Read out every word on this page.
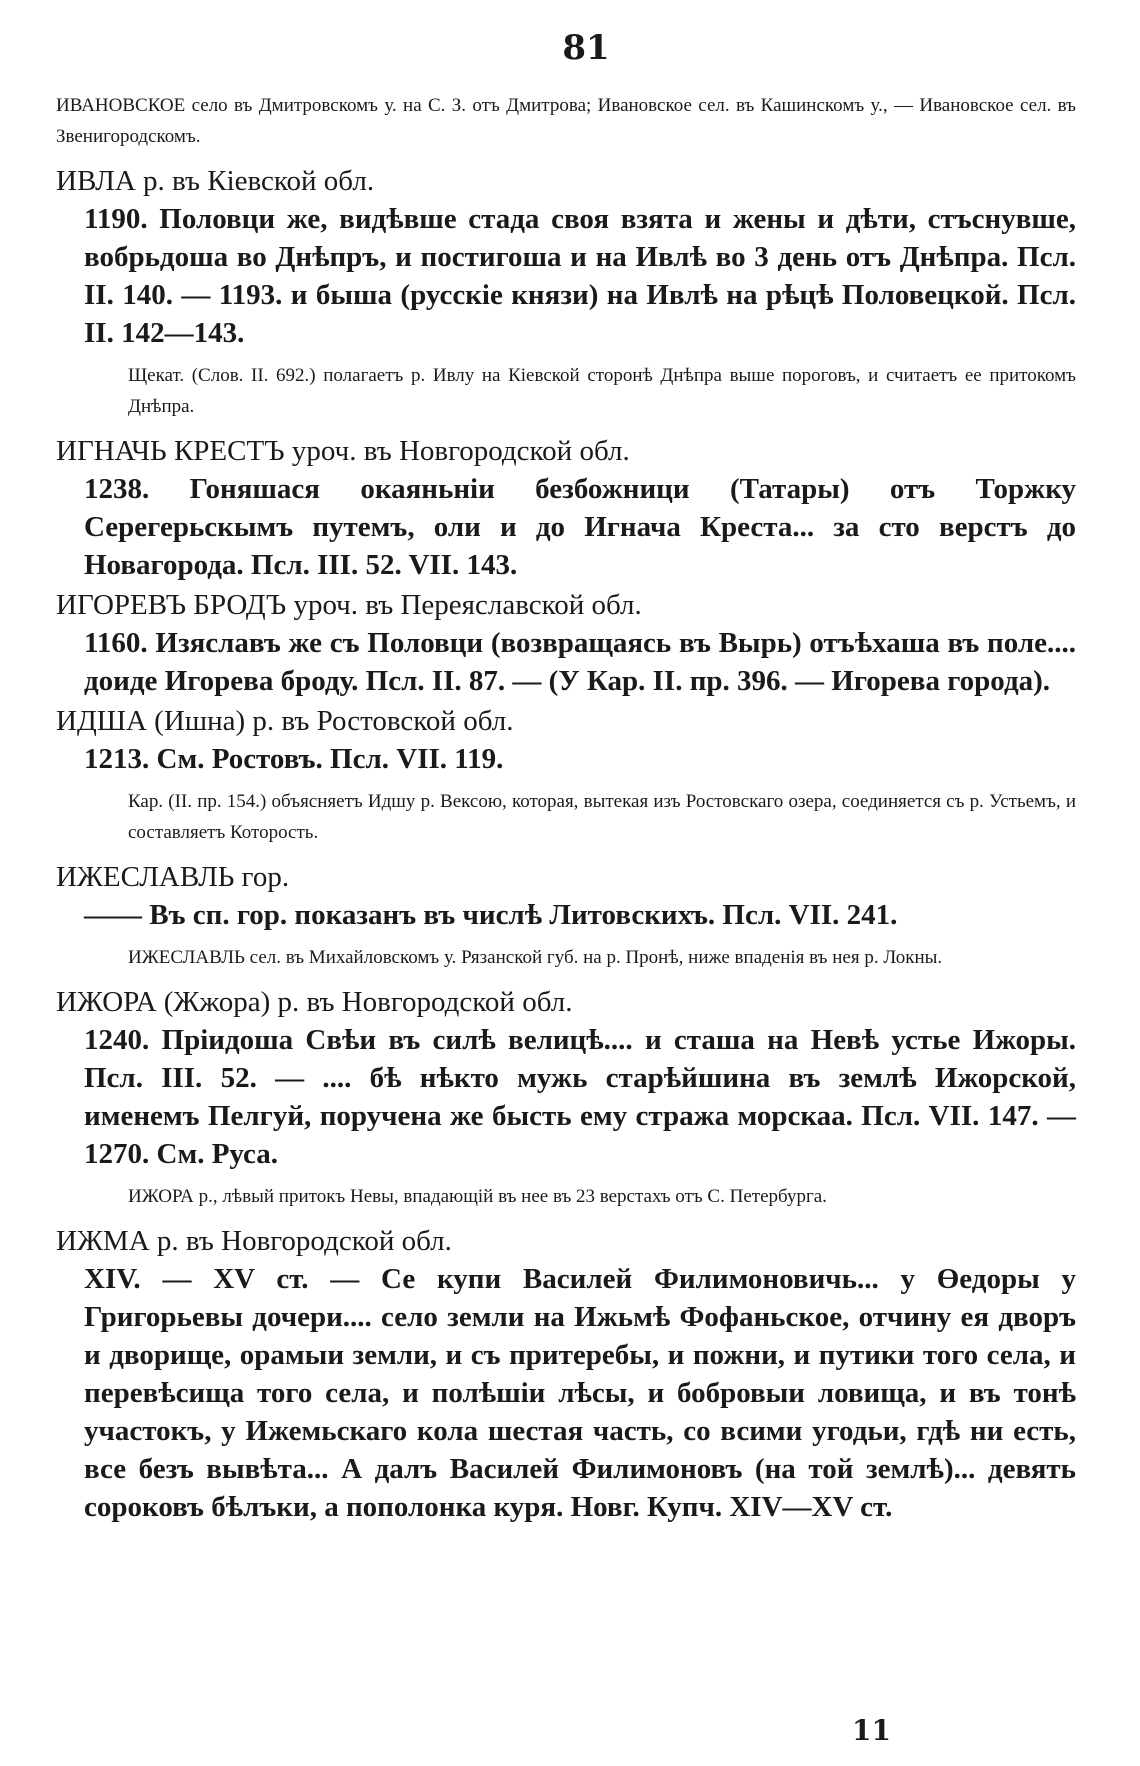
81
ИВАНОВСКОЕ село въ Дмитровскомъ у. на С. З. отъ Дмитрова; Ивановское сел. въ Кашинскомъ у., — Ивановское сел. въ Звенигородскомъ.
ИВЛА р. въ Кіевской обл.
1190. Половци же, видѣвше стада своя взята и жены и дѣти, стъснувше, вобрьдоша во Днѣпръ, и постигоша и на Ивлѣ во 3 день отъ Днѣпра. Псл. II. 140. — 1193. и быша (русскіе князи) на Ивлѣ на рѣцѣ Половецкой. Псл. II. 142—143.
Щекат. (Слов. II. 692.) полагаетъ р. Ивлу на Кіевской сторонѣ Днѣпра выше пороговъ, и считаетъ ее притокомъ Днѣпра.
ИГНАЧЬ КРЕСТЪ уроч. въ Новгородской обл.
1238. Гоняшася окаяньніи безбожници (Татары) отъ Торжку Серегерьскымъ путемъ, оли и до Игнача Креста... за сто верстъ до Новагорода. Псл. III. 52. VII. 143.
ИГОРЕВЪ БРОДЪ уроч. въ Переяславской обл.
1160. Изяславъ же съ Половци (возвращаясь въ Вырь) отъѣхаша въ поле.... доиде Игорева броду. Псл. II. 87. — (У Кар. II. пр. 396. — Игорева города).
ИДША (Ишна) р. въ Ростовской обл.
1213. См. Ростовъ. Псл. VII. 119.
Кар. (II. пр. 154.) объясняетъ Идшу р. Вексою, которая, вытекая изъ Ростовскаго озера, соединяется съ р. Устьемъ, и составляетъ Которость.
ИЖЕСЛАВЛЬ гор.
—— Въ сп. гор. показанъ въ числѣ Литовскихъ. Псл. VII. 241.
ИЖЕСЛАВЛЬ сел. въ Михайловскомъ у. Рязанской губ. на р. Пронѣ, ниже впаденія въ нея р. Локны.
ИЖОРА (Жжора) р. въ Новгородской обл.
1240. Пріидоша Свѣи въ силѣ велицѣ.... и сташа на Невѣ устье Ижоры. Псл. III. 52. — .... бѣ нѣкто мужь старѣйшина въ землѣ Ижорской, именемъ Пелгуй, поручена же бысть ему стража морскаа. Псл. VII. 147. — 1270. См. Руса.
ИЖОРА р., лѣвый притокъ Невы, впадающій въ нее въ 23 верстахъ отъ С. Петербурга.
ИЖМА р. въ Новгородской обл.
XIV. — XV ст. — Се купи Василей Филимоновичь... у Өедоры у Григорьевы дочери.... село земли на Ижьмѣ Фофаньское, отчину ея дворъ и дворище, орамыи земли, и съ притеребы, и пожни, и путики того села, и перевѣсища того села, и полѣшіи лѣсы, и бобровыи ловища, и въ тонѣ участокъ, у Ижемьскаго кола шестая часть, со всими угодьи, гдѣ ни есть, все безъ вывѣта... А далъ Василей Филимоновъ (на той землѣ)... девять сороковъ бѣлъки, а пополонка куря. Новг. Купч. XIV—XV ст.
11
